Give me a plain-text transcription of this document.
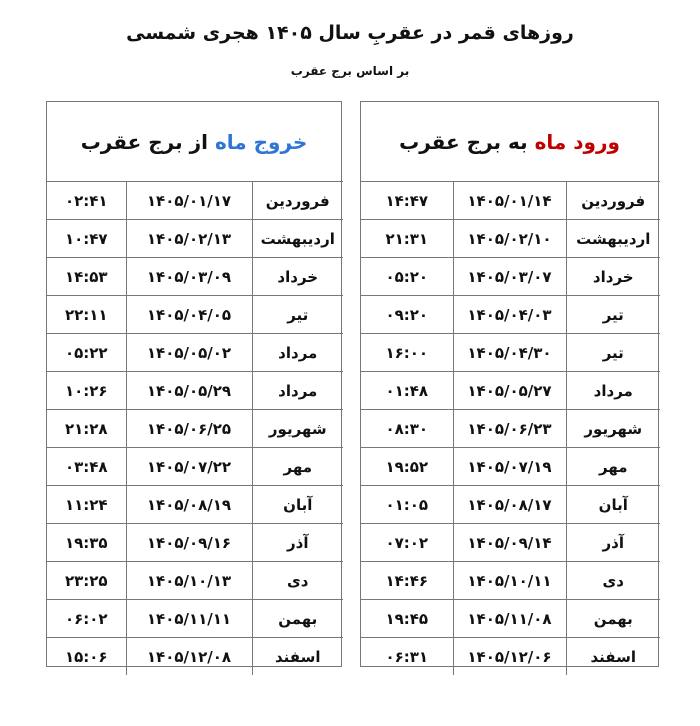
روزهای قمر در عقربِ سال ۱۴۰۵ هجری شمسی
بر اساس برج عقرب
ورود ماه

به برج عقرب
فروردین	۱۴۰۵/۰۱/۱۴	۱۴:۴۷
اردیبهشت	۱۴۰۵/۰۲/۱۰	۲۱:۳۱
خرداد	۱۴۰۵/۰۳/۰۷	۰۵:۲۰
تیر	۱۴۰۵/۰۴/۰۳	۰۹:۲۰
تیر	۱۴۰۵/۰۴/۳۰	۱۶:۰۰
مرداد	۱۴۰۵/۰۵/۲۷	۰۱:۴۸
شهریور	۱۴۰۵/۰۶/۲۳	۰۸:۳۰
مهر	۱۴۰۵/۰۷/۱۹	۱۹:۵۲
آبان	۱۴۰۵/۰۸/۱۷	۰۱:۰۵
آذر	۱۴۰۵/۰۹/۱۴	۰۷:۰۲
دی	۱۴۰۵/۱۰/۱۱	۱۴:۴۶
بهمن	۱۴۰۵/۱۱/۰۸	۱۹:۴۵
اسفند	۱۴۰۵/۱۲/۰۶	۰۶:۳۱
خروج ماه

از برج عقرب
فروردین	۱۴۰۵/۰۱/۱۷	۰۲:۴۱
اردیبهشت	۱۴۰۵/۰۲/۱۳	۱۰:۴۷
خرداد	۱۴۰۵/۰۳/۰۹	۱۴:۵۳
تیر	۱۴۰۵/۰۴/۰۵	۲۲:۱۱
مرداد	۱۴۰۵/۰۵/۰۲	۰۵:۲۲
مرداد	۱۴۰۵/۰۵/۲۹	۱۰:۲۶
شهریور	۱۴۰۵/۰۶/۲۵	۲۱:۲۸
مهر	۱۴۰۵/۰۷/۲۲	۰۳:۴۸
آبان	۱۴۰۵/۰۸/۱۹	۱۱:۲۴
آذر	۱۴۰۵/۰۹/۱۶	۱۹:۳۵
دی	۱۴۰۵/۱۰/۱۳	۲۳:۲۵
بهمن	۱۴۰۵/۱۱/۱۱	۰۶:۰۲
اسفند	۱۴۰۵/۱۲/۰۸	۱۵:۰۶
